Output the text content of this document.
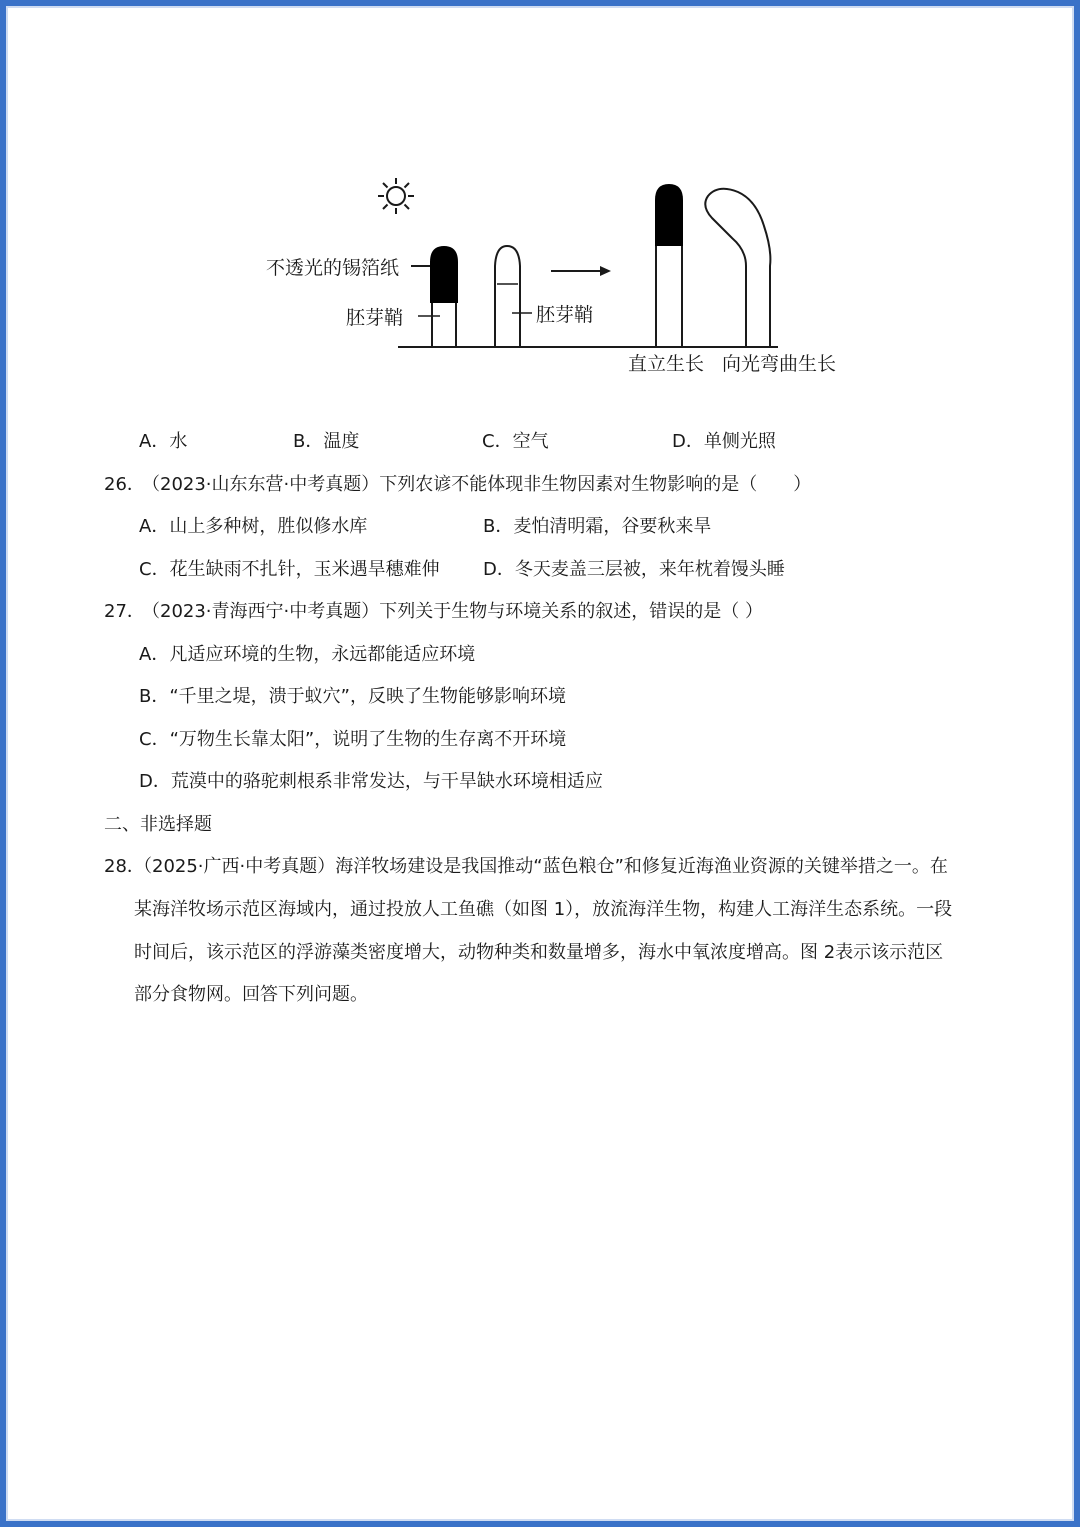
不透光的锡箔纸
胚芽鞘	胚芽鞘
直立生长 向光弯曲生长
A．水	B．温度	C．空气	D．单侧光照
26．
（2023·山东东营·中考真题）下列农谚不能体现非生物因素对生物影响的是（　　）
A．山上多种树，胜似修水库	B．麦怕清明霜，谷要秋来旱
C．花生缺雨不扎针，玉米遇旱穗难伸 D．冬天麦盖三层被，来年枕着馒头睡
27．
（2023·青海西宁·中考真题）下列关于生物与环境关系的叙述，错误的是（ ）
A．凡适应环境的生物，永远都能适应环境
B．“千里之堤，溃于蚁穴”，反映了生物能够影响环境
C．“万物生长靠太阳”，说明了生物的生存离不开环境
D．荒漠中的骆驼刺根系非常发达，与干旱缺水环境相适应
二、非选择题
28．
（2025·广西·中考真题）海洋牧场建设是我国推动“蓝色粮仓”和修复近海渔业资源的关键举措之一。在
某海洋牧场示范区海域内，通过投放人工鱼礁（如图 1），放流海洋生物，构建人工海洋生态系统。一段
时间后，该示范区的浮游藻类密度增大，动物种类和数量增多，海水中氧浓度增高。图 2表示该示范区
部分食物网。回答下列问题。
